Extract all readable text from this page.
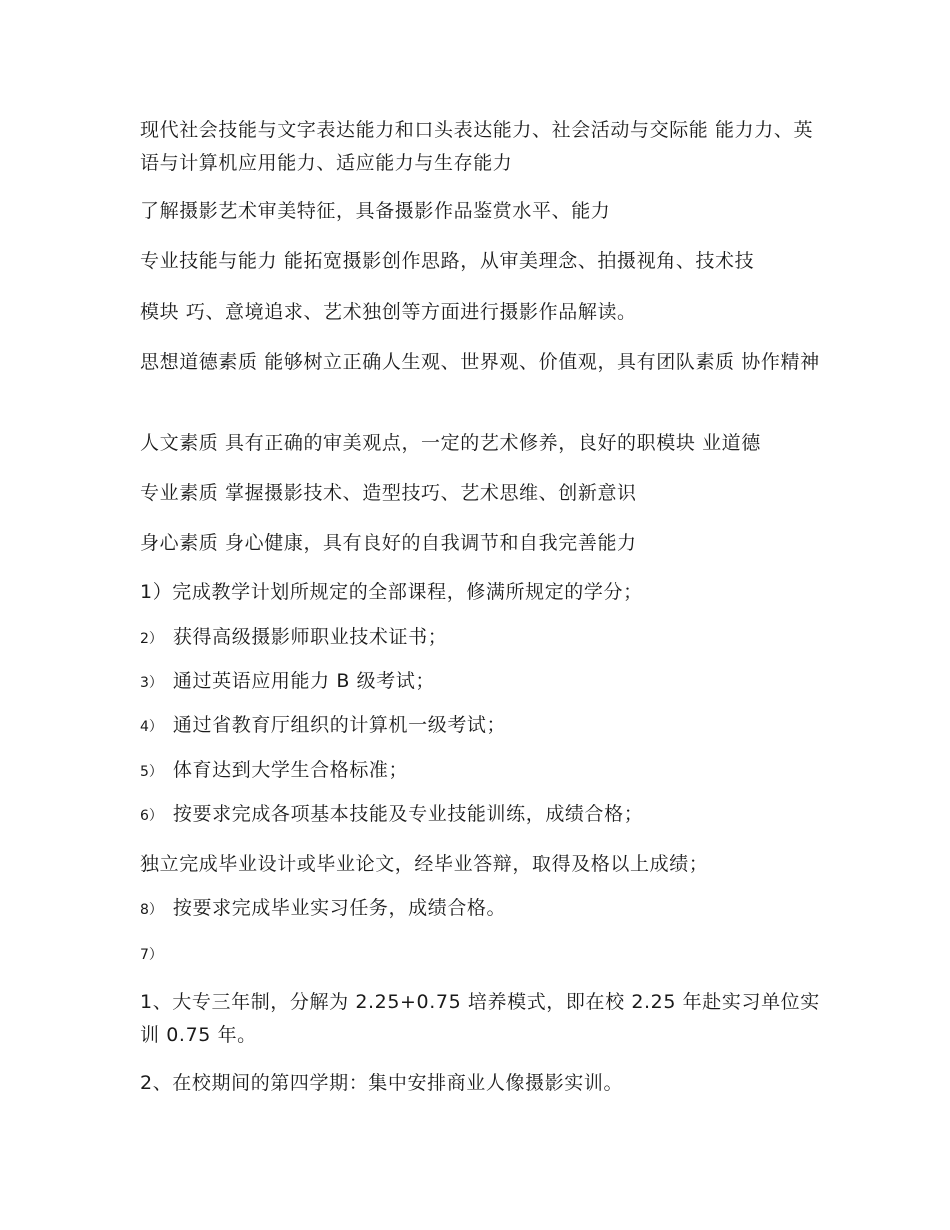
现代社会技能与文字表达能力和口头表达能力、社会活动与交际能 能力力、英语与计算机应用能力、适应能力与生存能力
了解摄影艺术审美特征，具备摄影作品鉴赏水平、能力
专业技能与能力 能拓宽摄影创作思路，从审美理念、拍摄视角、技术技
模块 巧、意境追求、艺术独创等方面进行摄影作品解读。
思想道德素质 能够树立正确人生观、世界观、价值观，具有团队素质 协作精神
人文素质 具有正确的审美观点，一定的艺术修养，良好的职模块 业道德
专业素质 掌握摄影技术、造型技巧、艺术思维、创新意识
身心素质 身心健康，具有良好的自我调节和自我完善能力
1）完成教学计划所规定的全部课程，修满所规定的学分；
2） 获得高级摄影师职业技术证书；
3） 通过英语应用能力 B 级考试；
4） 通过省教育厅组织的计算机一级考试；
5） 体育达到大学生合格标准；
6） 按要求完成各项基本技能及专业技能训练，成绩合格；
独立完成毕业设计或毕业论文，经毕业答辩，取得及格以上成绩；
8） 按要求完成毕业实习任务，成绩合格。
7）
1、大专三年制，分解为 2.25+0.75 培养模式，即在校 2.25 年赴实习单位实训 0.75 年。
2、在校期间的第四学期：集中安排商业人像摄影实训。
